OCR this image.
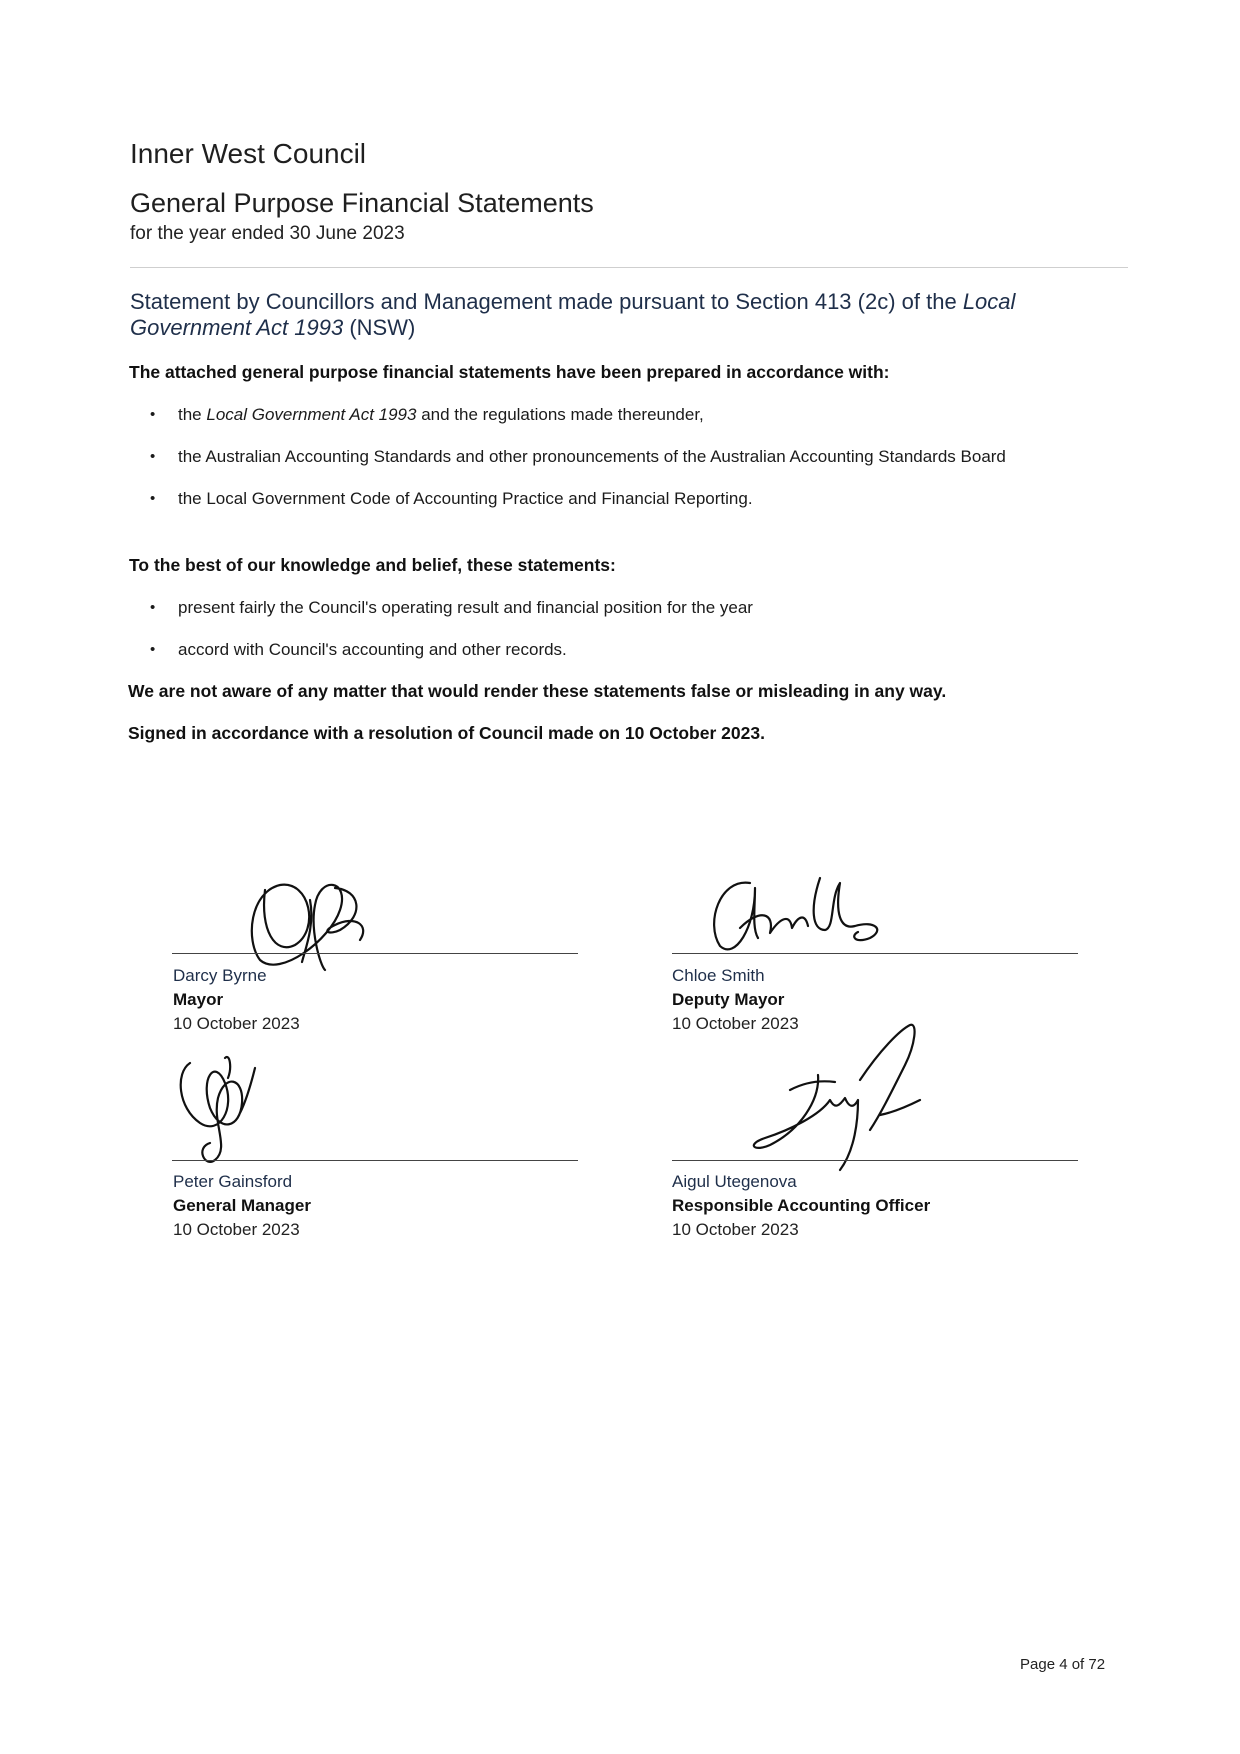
Inner West Council
General Purpose Financial Statements
for the year ended 30 June 2023
Statement by Councillors and Management made pursuant to Section 413 (2c) of the Local Government Act 1993 (NSW)
The attached general purpose financial statements have been prepared in accordance with:
• the Local Government Act 1993 and the regulations made thereunder,
• the Australian Accounting Standards and other pronouncements of the Australian Accounting Standards Board
• the Local Government Code of Accounting Practice and Financial Reporting.
To the best of our knowledge and belief, these statements:
• present fairly the Council's operating result and financial position for the year
• accord with Council's accounting and other records.
We are not aware of any matter that would render these statements false or misleading in any way.
Signed in accordance with a resolution of Council made on 10 October 2023.
Darcy Byrne
Mayor
10 October 2023
Chloe Smith
Deputy Mayor
10 October 2023
Peter Gainsford
General Manager
10 October 2023
Aigul Utegenova
Responsible Accounting Officer
10 October 2023
Page 4 of 72
